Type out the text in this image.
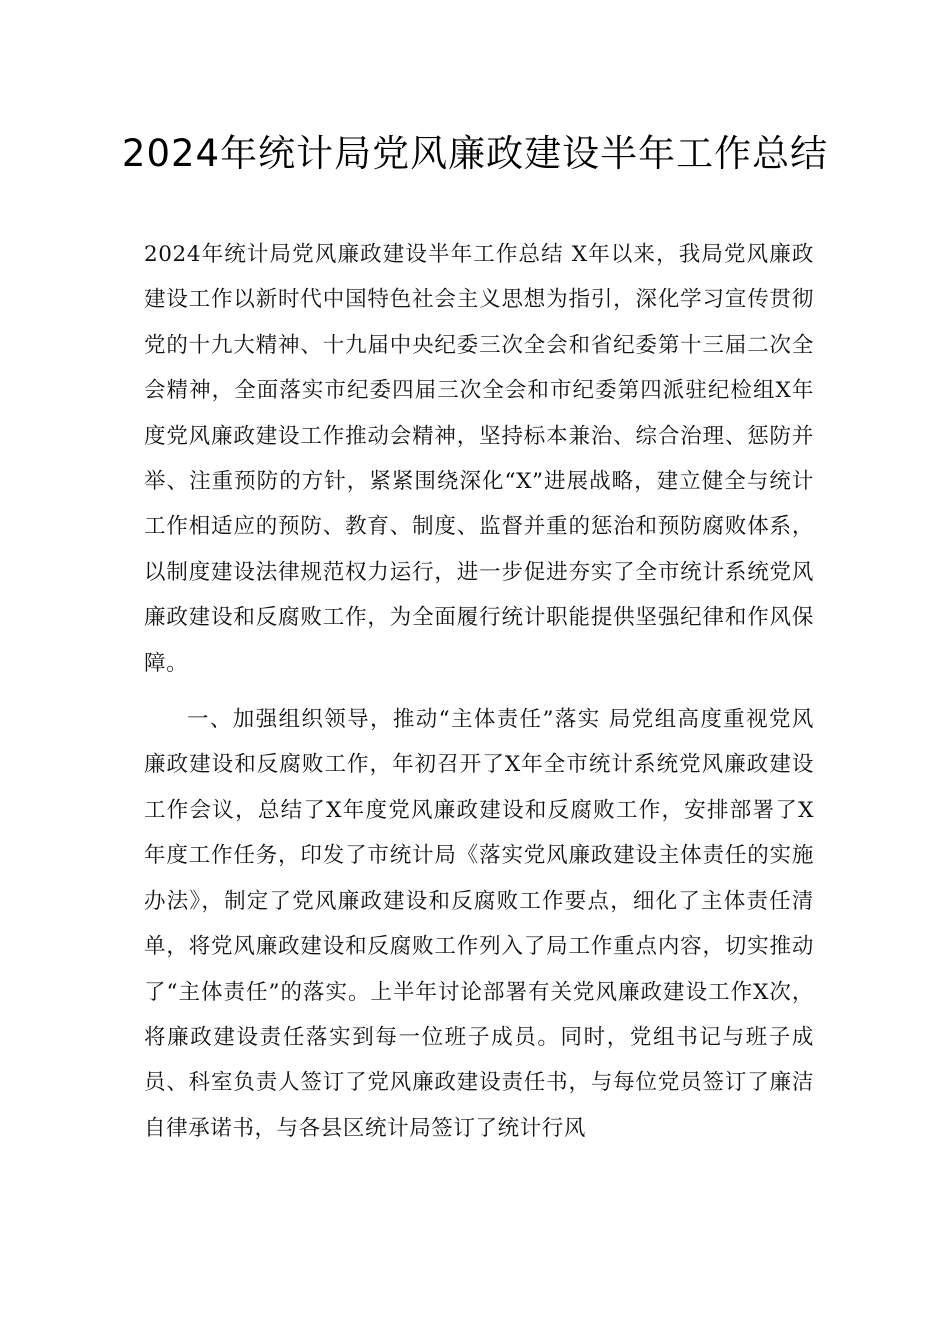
2024年统计局党风廉政建设半年工作总结

2024年统计局党风廉政建设半年工作总结 X年以来，我局党风廉政建设工作以新时代中国特色社会主义思想为指引，深化学习宣传贯彻党的十九大精神、十九届中央纪委三次全会和省纪委第十三届二次全会精神，全面落实市纪委四届三次全会和市纪委第四派驻纪检组X年度党风廉政建设工作推动会精神，坚持标本兼治、综合治理、惩防并举、注重预防的方针，紧紧围绕深化“X”进展战略，建立健全与统计工作相适应的预防、教育、制度、监督并重的惩治和预防腐败体系，以制度建设法律规范权力运行，进一步促进夯实了全市统计系统党风廉政建设和反腐败工作，为全面履行统计职能提供坚强纪律和作风保障。

一、加强组织领导，推动“主体责任”落实 局党组高度重视党风廉政建设和反腐败工作，年初召开了X年全市统计系统党风廉政建设工作会议，总结了X年度党风廉政建设和反腐败工作，安排部署了X年度工作任务，印发了市统计局《落实党风廉政建设主体责任的实施办法》，制定了党风廉政建设和反腐败工作要点，细化了主体责任清单，将党风廉政建设和反腐败工作列入了局工作重点内容，切实推动了“主体责任”的落实。上半年讨论部署有关党风廉政建设工作X次，将廉政建设责任落实到每一位班子成员。同时，党组书记与班子成员、科室负责人签订了党风廉政建设责任书，与每位党员签订了廉洁自律承诺书，与各县区统计局签订了统计行风
